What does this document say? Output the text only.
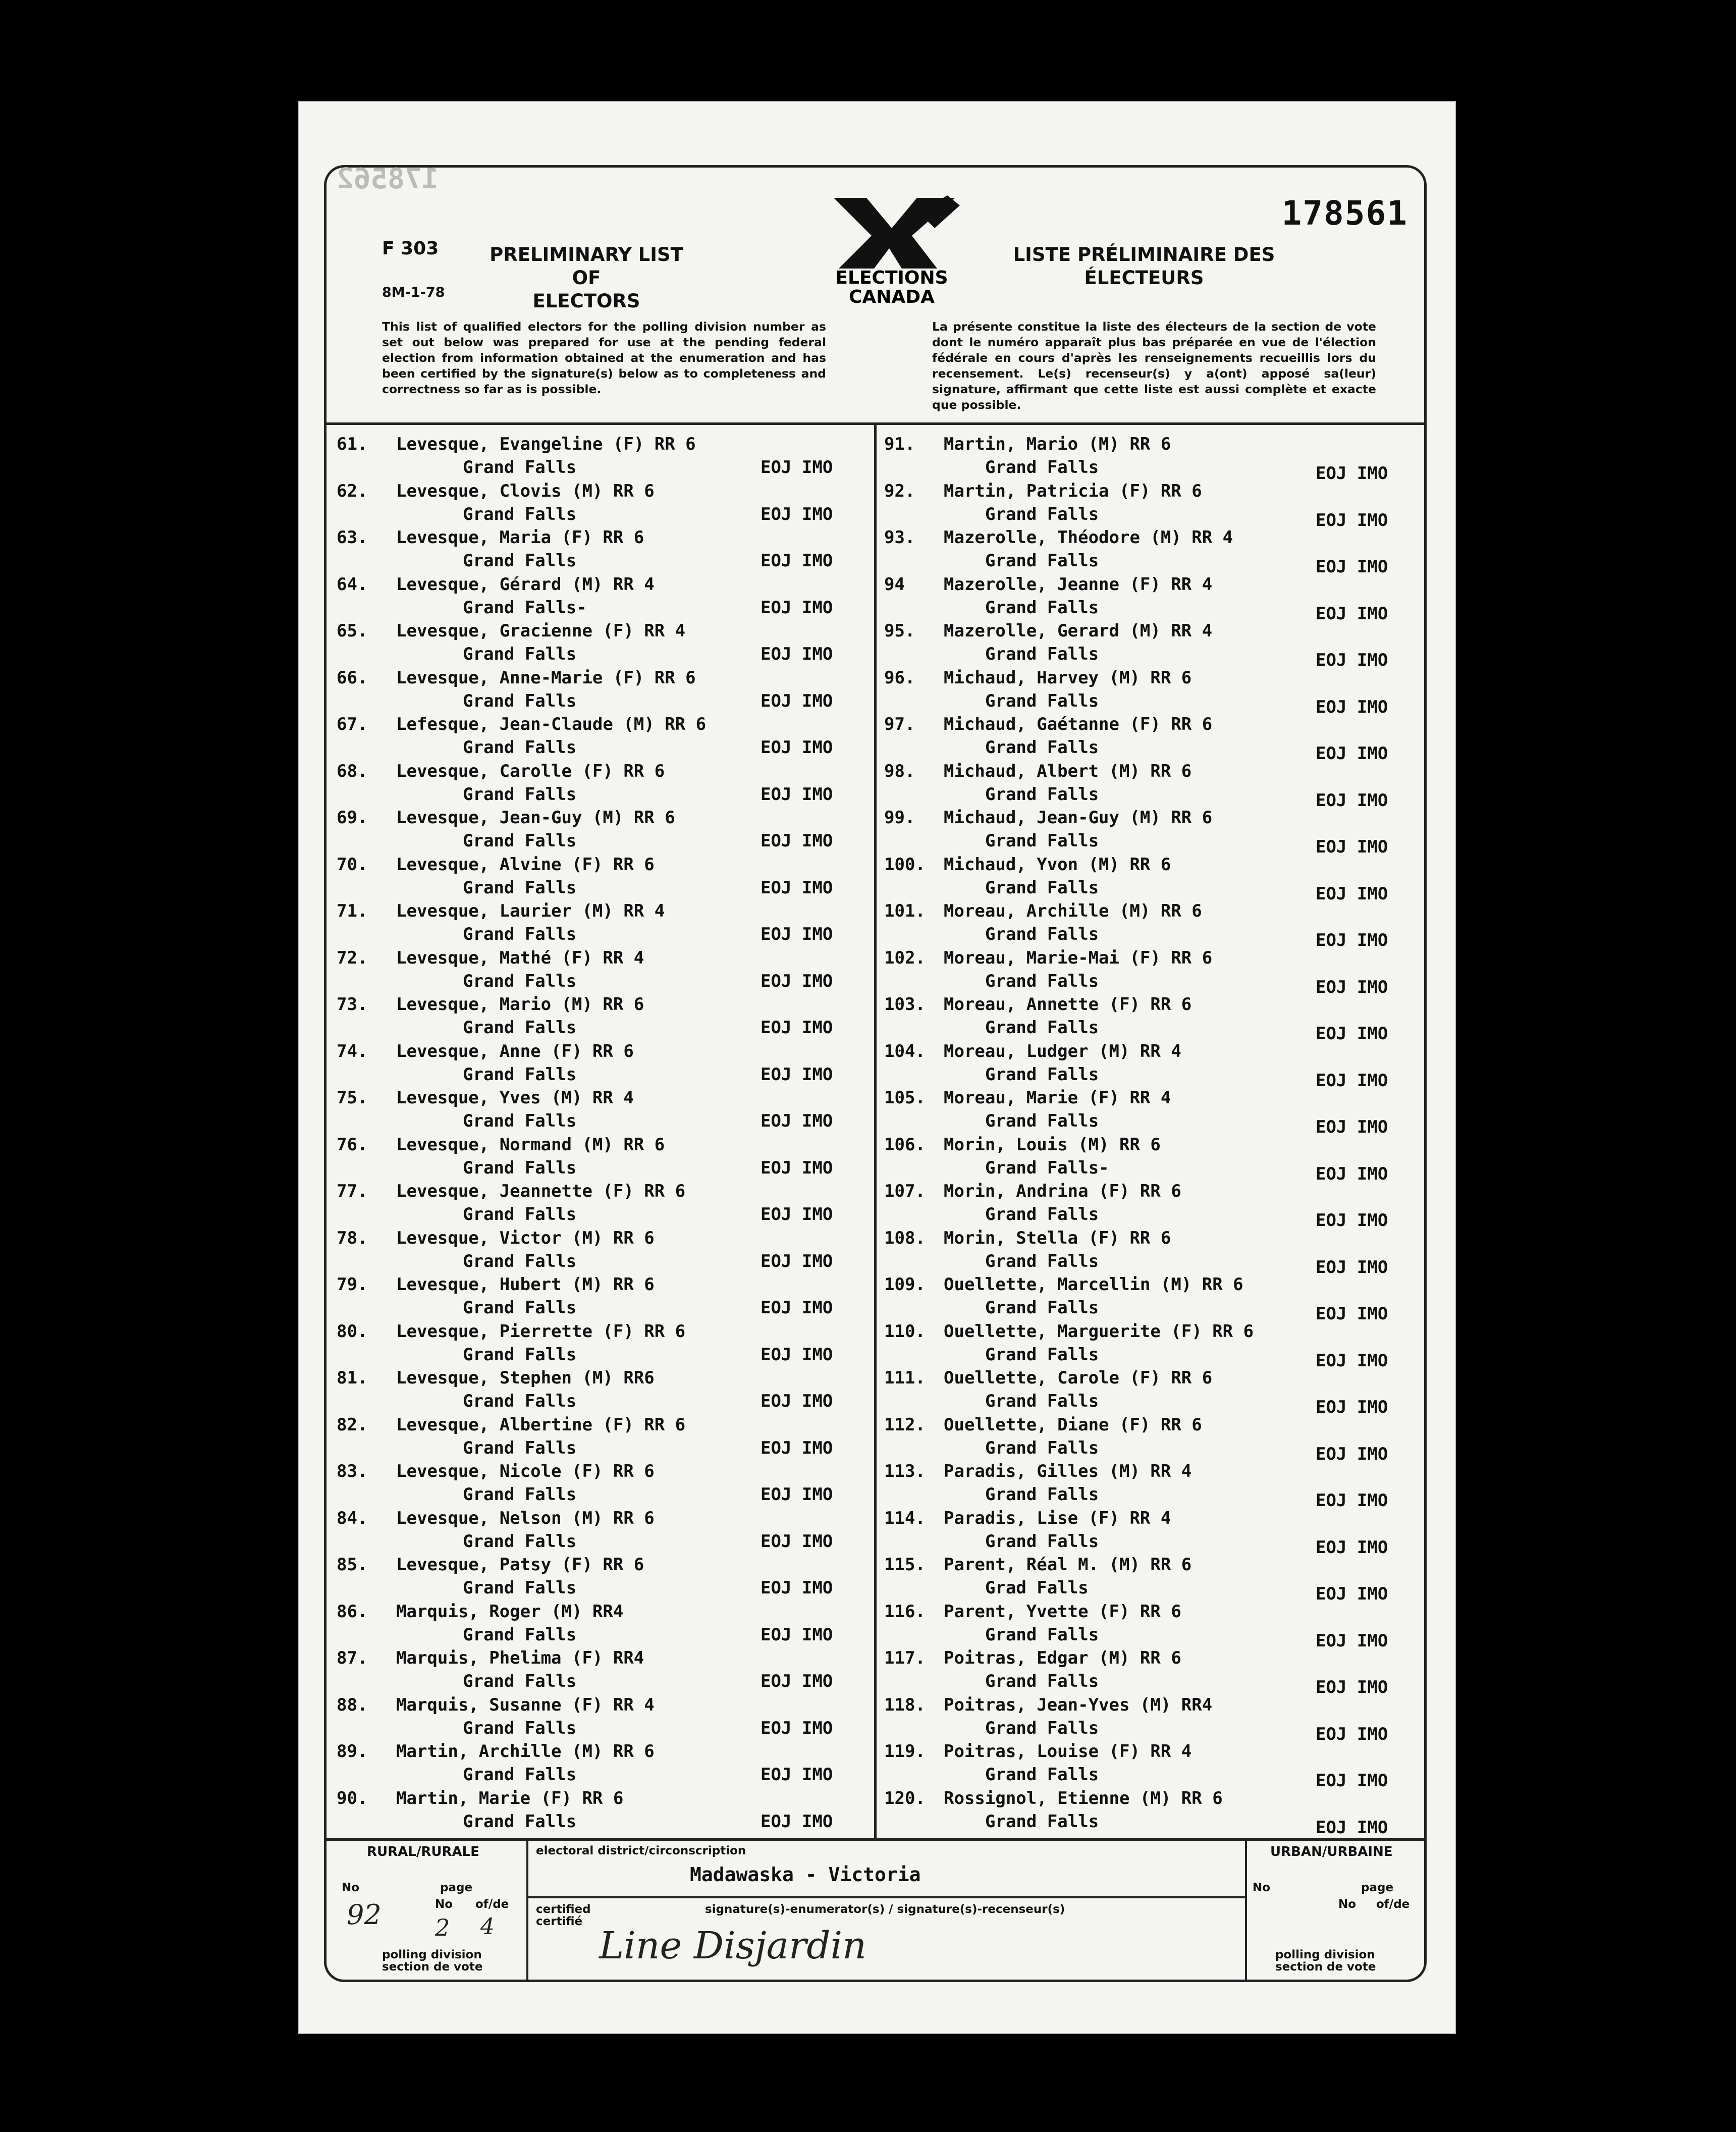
178562
178561
F 303
8M-1-78
PRELIMINARY LIST OF
ELECTORS
ELECTIONS
CANADA
LISTE PRÉLIMINAIRE DES
ÉLECTEURS
This list of qualified electors for the polling division number as set out below was prepared for use at the pending federal election from information obtained at the enumeration and has been certified by the signature(s) below as to completeness and correctness so far as is possible.
La présente constitue la liste des électeurs de la section de vote dont le numéro apparaît plus bas préparée en vue de l'élection fédérale en cours d'après les renseignements recueillis lors du recensement. Le(s) recenseur(s) y a(ont) apposé sa(leur) signature, affirmant que cette liste est aussi complète et exacte que possible.
61. Levesque, Evangeline (F) RR 6
Grand Falls	EOJ IMO
62. Levesque, Clovis (M) RR 6
Grand Falls	EOJ IMO
63. Levesque, Maria (F) RR 6
Grand Falls	EOJ IMO
64. Levesque, Gérard (M) RR 4
Grand Falls-	EOJ IMO
65. Levesque, Gracienne (F) RR 4
Grand Falls	EOJ IMO
66. Levesque, Anne-Marie (F) RR 6
Grand Falls	EOJ IMO
67. Lefesque, Jean-Claude (M) RR 6
Grand Falls	EOJ IMO
68. Levesque, Carolle (F) RR 6
Grand Falls	EOJ IMO
69. Levesque, Jean-Guy (M) RR 6
Grand Falls	EOJ IMO
70. Levesque, Alvine (F) RR 6
Grand Falls	EOJ IMO
71. Levesque, Laurier (M) RR 4
Grand Falls	EOJ IMO
72. Levesque, Mathé (F) RR 4
Grand Falls	EOJ IMO
73. Levesque, Mario (M) RR 6
Grand Falls	EOJ IMO
74. Levesque, Anne (F) RR 6
Grand Falls	EOJ IMO
75. Levesque, Yves (M) RR 4
Grand Falls	EOJ IMO
76. Levesque, Normand (M) RR 6
Grand Falls	EOJ IMO
77. Levesque, Jeannette (F) RR 6
Grand Falls	EOJ IMO
78. Levesque, Victor (M) RR 6
Grand Falls	EOJ IMO
79. Levesque, Hubert (M) RR 6
Grand Falls	EOJ IMO
80. Levesque, Pierrette (F) RR 6
Grand Falls	EOJ IMO
81. Levesque, Stephen (M) RR6
Grand Falls	EOJ IMO
82. Levesque, Albertine (F) RR 6
Grand Falls	EOJ IMO
83. Levesque, Nicole (F) RR 6
Grand Falls	EOJ IMO
84. Levesque, Nelson (M) RR 6
Grand Falls	EOJ IMO
85. Levesque, Patsy (F) RR 6
Grand Falls	EOJ IMO
86. Marquis, Roger (M) RR4
Grand Falls	EOJ IMO
87. Marquis, Phelima (F) RR4
Grand Falls	EOJ IMO
88. Marquis, Susanne (F) RR 4
Grand Falls	EOJ IMO
89. Martin, Archille (M) RR 6
Grand Falls	EOJ IMO
90. Martin, Marie (F) RR 6
Grand Falls	EOJ IMO
91. Martin, Mario (M) RR 6
Grand Falls	EOJ IMO
92. Martin, Patricia (F) RR 6
Grand Falls	EOJ IMO
93. Mazerolle, Théodore (M) RR 4
Grand Falls	EOJ IMO
94 Mazerolle, Jeanne (F) RR 4
Grand Falls	EOJ IMO
95. Mazerolle, Gerard (M) RR 4
Grand Falls	EOJ IMO
96. Michaud, Harvey (M) RR 6
Grand Falls	EOJ IMO
97. Michaud, Gaétanne (F) RR 6
Grand Falls	EOJ IMO
98. Michaud, Albert (M) RR 6
Grand Falls	EOJ IMO
99. Michaud, Jean-Guy (M) RR 6
Grand Falls	EOJ IMO
100. Michaud, Yvon (M) RR 6
Grand Falls	EOJ IMO
101. Moreau, Archille (M) RR 6
Grand Falls	EOJ IMO
102. Moreau, Marie-Mai (F) RR 6
Grand Falls	EOJ IMO
103. Moreau, Annette (F) RR 6
Grand Falls	EOJ IMO
104. Moreau, Ludger (M) RR 4
Grand Falls	EOJ IMO
105. Moreau, Marie (F) RR 4
Grand Falls	EOJ IMO
106. Morin, Louis (M) RR 6
Grand Falls-	EOJ IMO
107. Morin, Andrina (F) RR 6
Grand Falls	EOJ IMO
108. Morin, Stella (F) RR 6
Grand Falls	EOJ IMO
109. Ouellette, Marcellin (M) RR 6
Grand Falls	EOJ IMO
110. Ouellette, Marguerite (F) RR 6
Grand Falls	EOJ IMO
111. Ouellette, Carole (F) RR 6
Grand Falls	EOJ IMO
112. Ouellette, Diane (F) RR 6
Grand Falls	EOJ IMO
113. Paradis, Gilles (M) RR 4
Grand Falls	EOJ IMO
114. Paradis, Lise (F) RR 4
Grand Falls	EOJ IMO
115. Parent, Réal M. (M) RR 6
Grad Falls	EOJ IMO
116. Parent, Yvette (F) RR 6
Grand Falls	EOJ IMO
117. Poitras, Edgar (M) RR 6
Grand Falls	EOJ IMO
118. Poitras, Jean-Yves (M) RR4
Grand Falls	EOJ IMO
119. Poitras, Louise (F) RR 4
Grand Falls	EOJ IMO
120. Rossignol, Etienne (M) RR 6
Grand Falls	EOJ IMO
RURAL/RURALE
No	page
No of/de
92 2 4
polling division
section de vote
electoral district/circonscription
Madawaska - Victoria
certified
certifié
signature(s)-enumerator(s) / signature(s)-recenseur(s)
Line Disjardin
URBAN/URBAINE
No	page
No of/de
polling division
section de vote
